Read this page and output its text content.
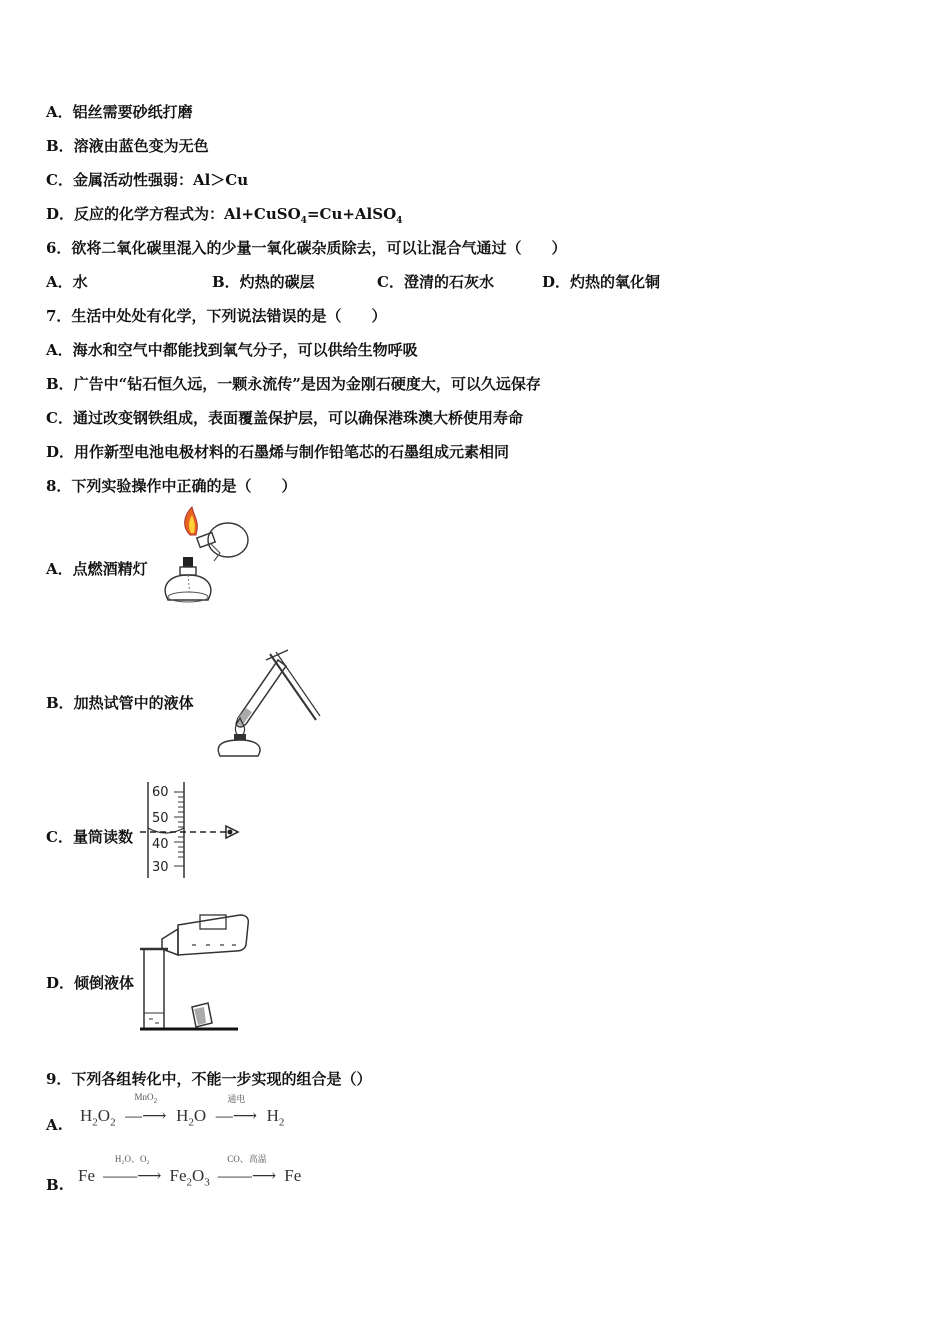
A．铝丝需要砂纸打磨
B．溶液由蓝色变为无色
C．金属活动性强弱：Al＞Cu
D．反应的化学方程式为：Al+CuSO$_4$=Cu+AlSO$_4$
6．欲将二氧化碳里混入的少量一氧化碳杂质除去，可以让混合气通过（　　）
A．水	B．灼热的碳层	C．澄清的石灰水	D．灼热的氧化铜
7．生活中处处有化学，下列说法错误的是（　　）
A．海水和空气中都能找到氧气分子，可以供给生物呼吸
B．广告中“钻石恒久远，一颗永流传”是因为金刚石硬度大，可以久远保存
C．通过改变钢铁组成，表面覆盖保护层，可以确保港珠澳大桥使用寿命
D．用作新型电池电极材料的石墨烯与制作铅笔芯的石墨组成元素相同
8．下列实验操作中正确的是（　　）
A．点燃酒精灯
B．加热试管中的液体
C．量筒读数
60
50
40
30
D．倾倒液体
9．下列各组转化中，不能一步实现的组合是（）
A. $H_2O_2$
MnO$_2$
—⟶ $H_2O$
通电
—⟶ $H_2$
B. Fe
H₂O、O₂
——⟶ $Fe_2O_3$
CO、高温
——⟶ Fe
